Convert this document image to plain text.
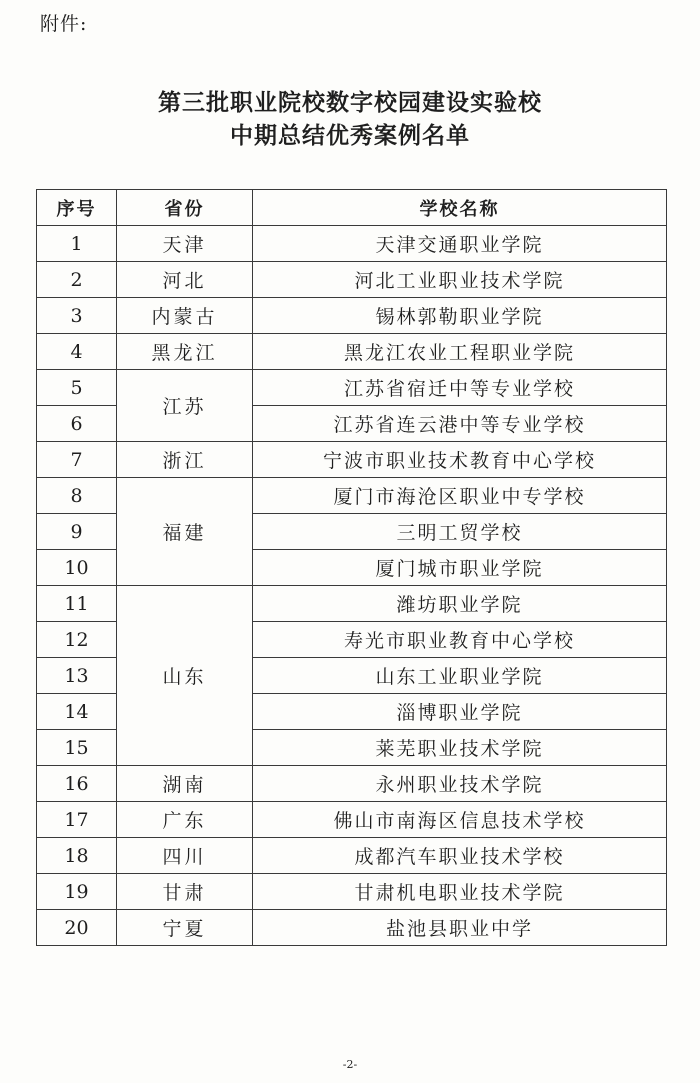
附件:
第三批职业院校数字校园建设实验校
中期总结优秀案例名单
序号	省份	学校名称
1	天津	天津交通职业学院
2	河北	河北工业职业技术学院
3	内蒙古	锡林郭勒职业学院
4	黑龙江	黑龙江农业工程职业学院
5	江苏	江苏省宿迁中等专业学校
6		江苏省连云港中等专业学校
7	浙江	宁波市职业技术教育中心学校
8	福建	厦门市海沧区职业中专学校
9		三明工贸学校
10		厦门城市职业学院
11	山东	潍坊职业学院
12		寿光市职业教育中心学校
13		山东工业职业学院
14		淄博职业学院
15		莱芜职业技术学院
16	湖南	永州职业技术学院
17	广东	佛山市南海区信息技术学校
18	四川	成都汽车职业技术学校
19	甘肃	甘肃机电职业技术学院
20	宁夏	盐池县职业中学
-2-
